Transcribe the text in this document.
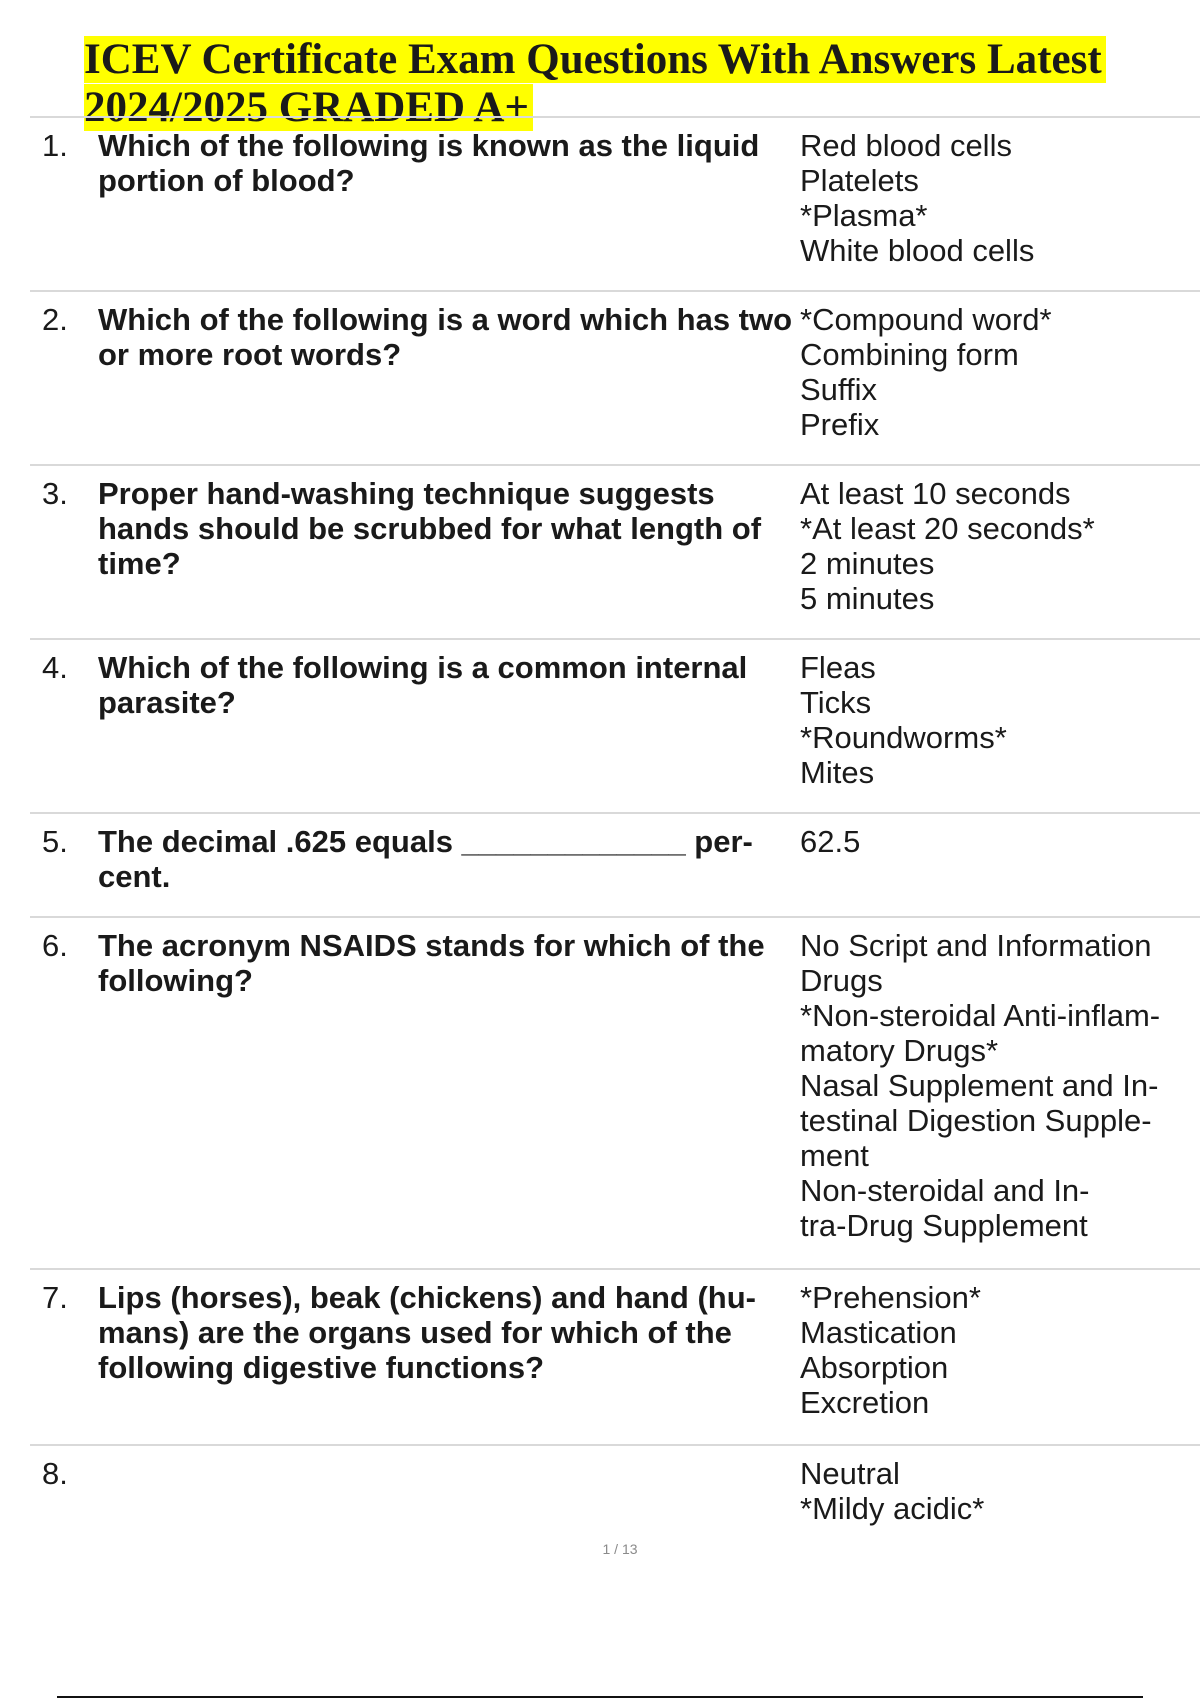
ICEV Certificate Exam Questions With Answers Latest 2024/2025 GRADED A+
1. Which of the following is known as the liquid
portion of blood?
Red blood cells
Platelets
*Plasma*
White blood cells
2. Which of the following is a word which has two
or more root words?
*Compound word*
Combining form
Suffix
Prefix
3. Proper hand-washing technique suggests
hands should be scrubbed for what length of
time?
At least 10 seconds
*At least 20 seconds*
2 minutes
5 minutes
4. Which of the following is a common internal
parasite?
Fleas
Ticks
*Roundworms*
Mites
5. The decimal .625 equals _____________ per-
cent.
62.5
6. The acronym NSAIDS stands for which of the
following?
No Script and Information
Drugs
*Non-steroidal Anti-inflam-
matory Drugs*
Nasal Supplement and In-
testinal Digestion Supple-
ment
Non-steroidal and In-
tra-Drug Supplement
7. Lips (horses), beak (chickens) and hand (hu-
mans) are the organs used for which of the
following digestive functions?
*Prehension*
Mastication
Absorption
Excretion
8.	Neutral
*Mildy acidic*
1 / 13
